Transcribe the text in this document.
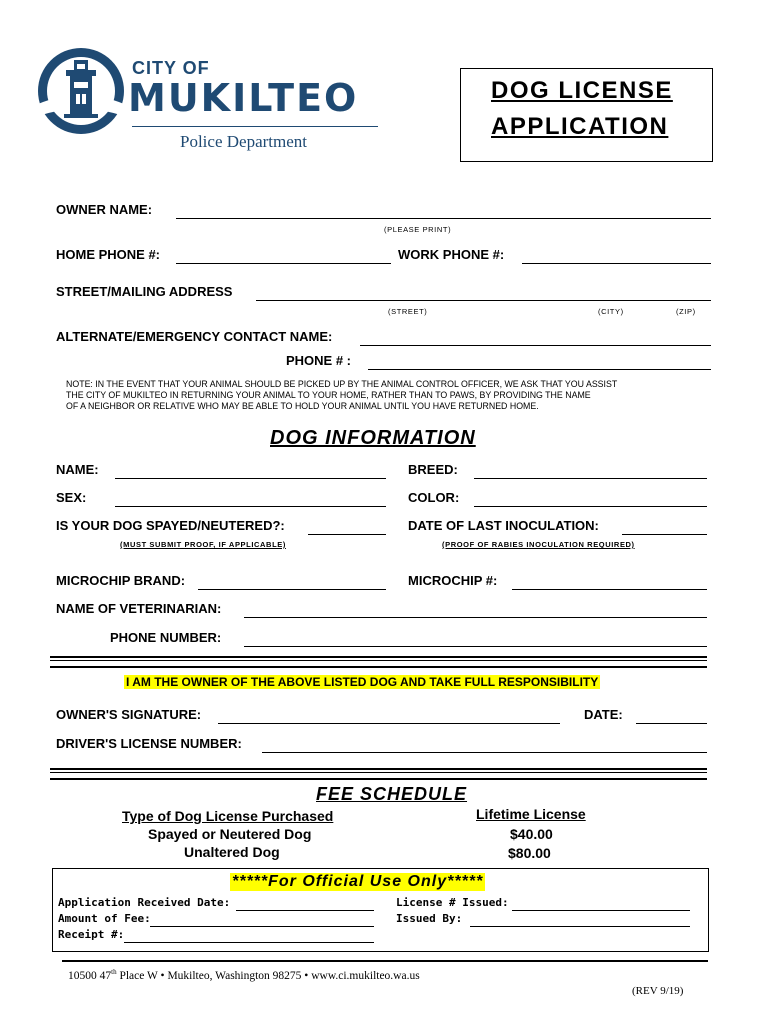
CITY OF
MUKILTEO
Police Department
DOG LICENSE
APPLICATION
OWNER NAME:
(PLEASE PRINT)
HOME PHONE #:	WORK PHONE #:
STREET/MAILING ADDRESS
(STREET)	(CITY)	(ZIP)
ALTERNATE/EMERGENCY CONTACT NAME:
PHONE # :
NOTE: IN THE EVENT THAT YOUR ANIMAL SHOULD BE PICKED UP BY THE ANIMAL CONTROL OFFICER, WE ASK THAT YOU ASSIST
THE CITY OF MUKILTEO IN RETURNING YOUR ANIMAL TO YOUR HOME, RATHER THAN TO PAWS, BY PROVIDING THE NAME
OF A NEIGHBOR OR RELATIVE WHO MAY BE ABLE TO HOLD YOUR ANIMAL UNTIL YOU HAVE RETURNED HOME.
DOG INFORMATION
NAME:	BREED:
SEX:	COLOR:
IS YOUR DOG SPAYED/NEUTERED?:	DATE OF LAST INOCULATION:
(MUST SUBMIT PROOF, IF APPLICABLE)	(PROOF OF RABIES INOCULATION REQUIRED)
MICROCHIP BRAND:	MICROCHIP #:
NAME OF VETERINARIAN:
PHONE NUMBER:
I AM THE OWNER OF THE ABOVE LISTED DOG AND TAKE FULL RESPONSIBILITY
OWNER'S SIGNATURE:	DATE:
DRIVER'S LICENSE NUMBER:
FEE SCHEDULE
Type of Dog License Purchased	Lifetime License
Spayed or Neutered Dog	$40.00
Unaltered Dog	$80.00
*****For Official Use Only*****
Application Received Date:
Amount of Fee:
Receipt #:
License # Issued:
Issued By:
10500 47th Place W • Mukilteo, Washington 98275 • www.ci.mukilteo.wa.us
(REV 9/19)
